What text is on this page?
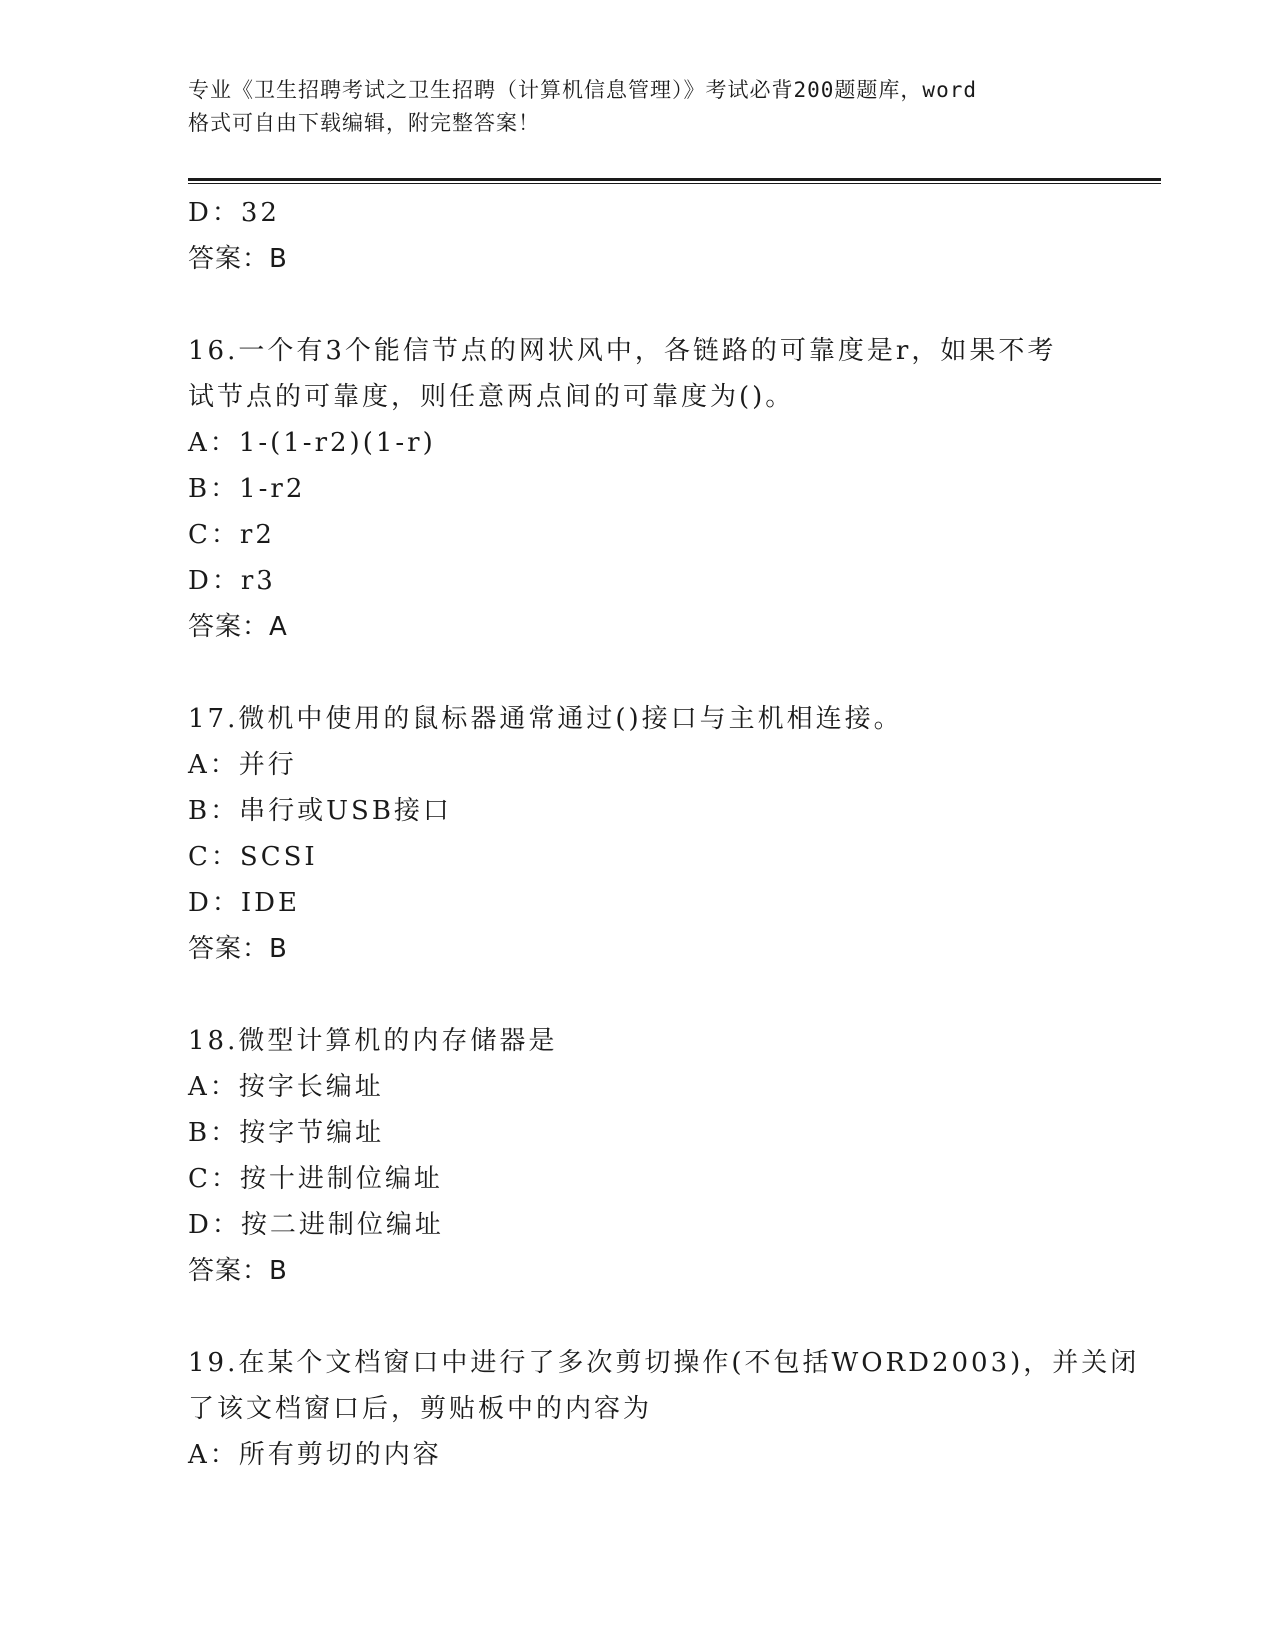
专业《卫生招聘考试之卫生招聘（计算机信息管理）》考试必背200题题库，word
格式可自由下载编辑，附完整答案！
D：32
答案：B
16.一个有3个能信节点的网状风中，各链路的可靠度是r，如果不考
试节点的可靠度，则任意两点间的可靠度为()。
A：1-(1-r2)(1-r)
B：1-r2
C：r2
D：r3
答案：A
17.微机中使用的鼠标器通常通过()接口与主机相连接。
A：并行
B：串行或USB接口
C：SCSI
D：IDE
答案：B
18.微型计算机的内存储器是
A：按字长编址
B：按字节编址
C：按十进制位编址
D：按二进制位编址
答案：B
19.在某个文档窗口中进行了多次剪切操作(不包括WORD2003)，并关闭
了该文档窗口后，剪贴板中的内容为
A：所有剪切的内容
